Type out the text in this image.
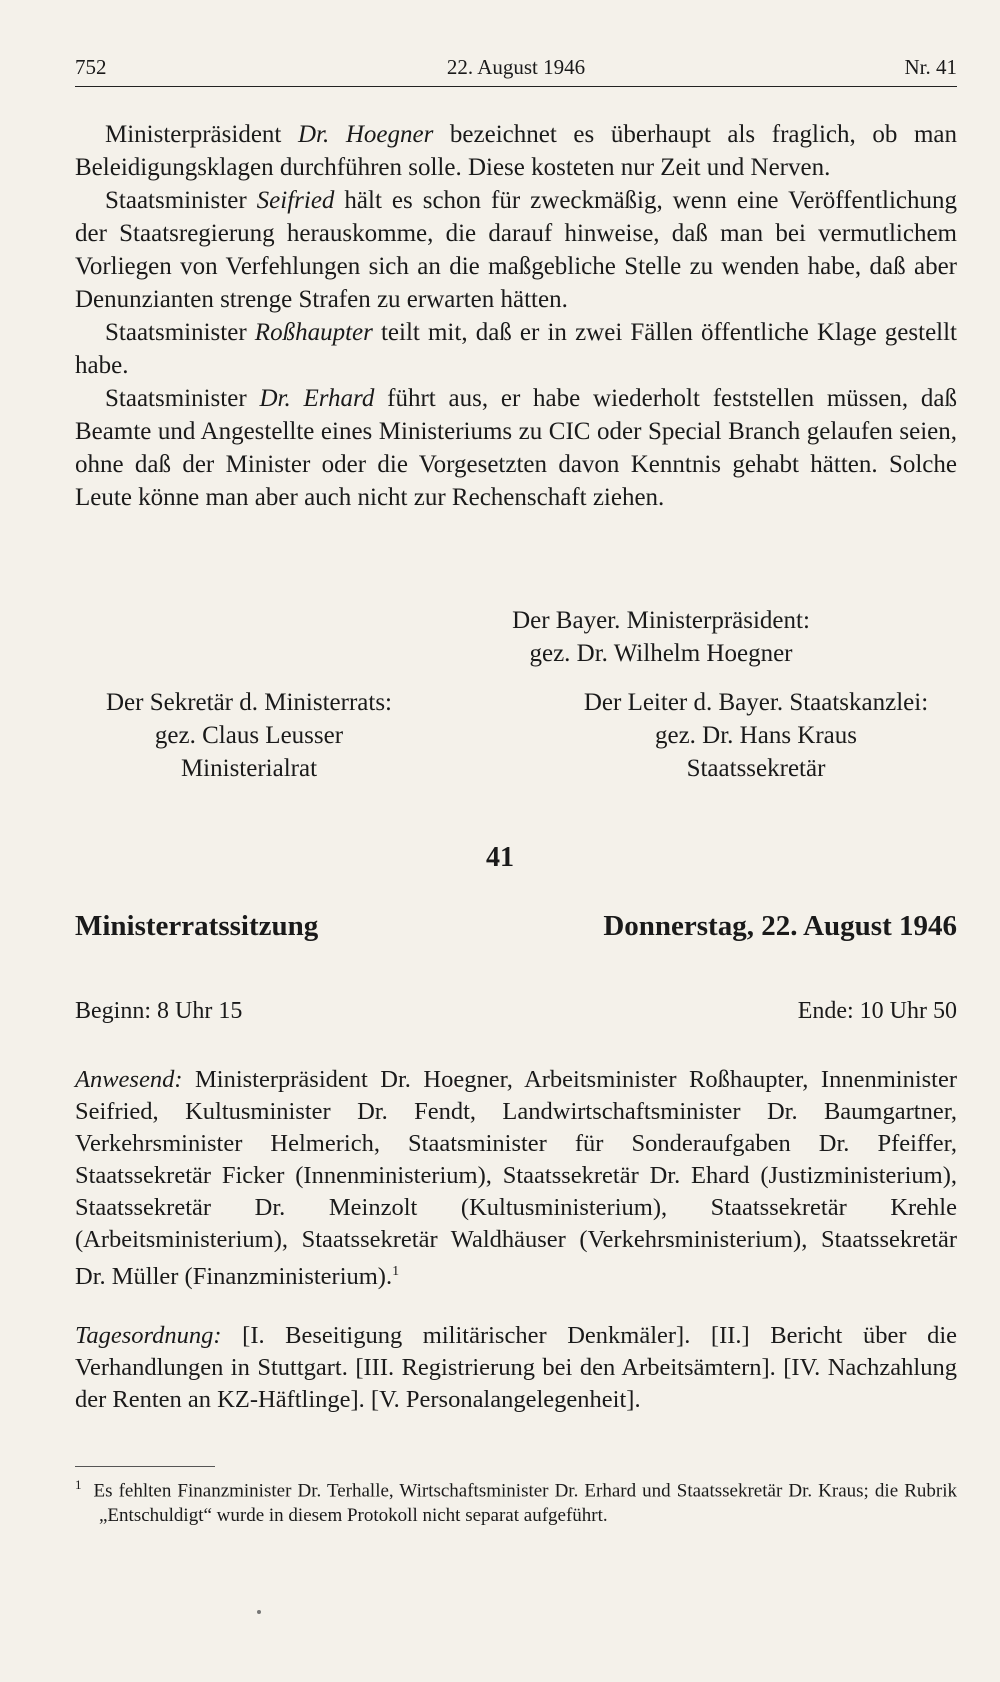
752	22. August 1946	Nr. 41

Ministerpräsident Dr. Hoegner bezeichnet es überhaupt als fraglich, ob man Beleidigungsklagen durchführen solle. Diese kosteten nur Zeit und Nerven.

Staatsminister Seifried hält es schon für zweckmäßig, wenn eine Veröffentlichung der Staatsregierung herauskomme, die darauf hinweise, daß man bei vermutlichem Vorliegen von Verfehlungen sich an die maßgebliche Stelle zu wenden habe, daß aber Denunzianten strenge Strafen zu erwarten hätten.

Staatsminister Roßhaupter teilt mit, daß er in zwei Fällen öffentliche Klage gestellt habe.

Staatsminister Dr. Erhard führt aus, er habe wiederholt feststellen müssen, daß Beamte und Angestellte eines Ministeriums zu CIC oder Special Branch gelaufen seien, ohne daß der Minister oder die Vorgesetzten davon Kenntnis gehabt hätten. Solche Leute könne man aber auch nicht zur Rechenschaft ziehen.

Der Bayer. Ministerpräsident:
gez. Dr. Wilhelm Hoegner
Der Sekretär d. Ministerrats:
gez. Claus Leusser
Ministerialrat
Der Leiter d. Bayer. Staatskanzlei:
gez. Dr. Hans Kraus
Staatssekretär
41
Ministerratssitzung	Donnerstag, 22. August 1946
Beginn: 8 Uhr 15	Ende: 10 Uhr 50
Anwesend: Ministerpräsident Dr. Hoegner, Arbeitsminister Roßhaupter, Innenminister Seifried, Kultusminister Dr. Fendt, Landwirtschaftsminister Dr. Baumgartner, Verkehrsminister Helmerich, Staatsminister für Sonderaufgaben Dr. Pfeiffer, Staatssekretär Ficker (Innenministerium), Staatssekretär Dr. Ehard (Justizministerium), Staatssekretär Dr. Meinzolt (Kultusministerium), Staatssekretär Krehle (Arbeitsministerium), Staatssekretär Waldhäuser (Verkehrsministerium), Staatssekretär Dr. Müller (Finanzministerium).$^1$
Tagesordnung: [I. Beseitigung militärischer Denkmäler]. [II.] Bericht über die Verhandlungen in Stuttgart. [III. Registrierung bei den Arbeitsämtern]. [IV. Nachzahlung der Renten an KZ-Häftlinge]. [V. Personalangelegenheit].
$^1$ Es fehlten Finanzminister Dr. Terhalle, Wirtschaftsminister Dr. Erhard und Staatssekretär Dr. Kraus; die Rubrik „Entschuldigt“ wurde in diesem Protokoll nicht separat aufgeführt.
